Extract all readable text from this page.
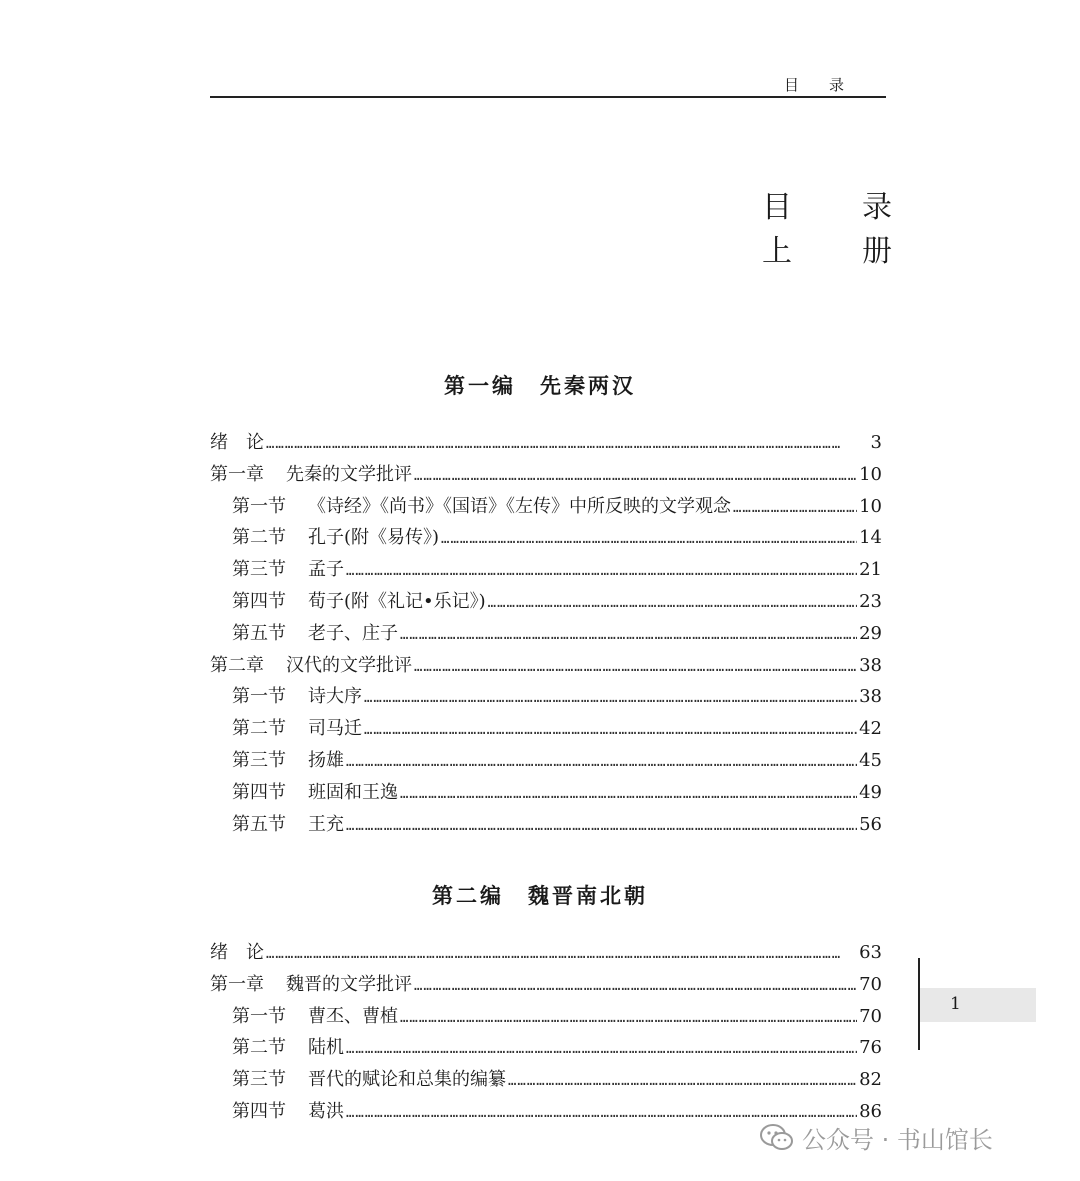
目录
目 录
上 册
第一编　先秦两汉
绪　论 …………………………………………………………………………………………………………………………………………………………………	3
第一章 先秦的文学批评 …………………………………………………………………………………………………………………………………………………………………	10
第一节 《诗经》《尚书》《国语》《左传》中所反映的文学观念 …………………………………………………………………………………………………………………………………………………………………	10
第二节 孔子(附《易传》) …………………………………………………………………………………………………………………………………………………………………	14
第三节 孟子 …………………………………………………………………………………………………………………………………………………………………	21
第四节 荀子(附《礼记•乐记》) …………………………………………………………………………………………………………………………………………………………………	23
第五节 老子、庄子 …………………………………………………………………………………………………………………………………………………………………	29
第二章 汉代的文学批评 …………………………………………………………………………………………………………………………………………………………………	38
第一节 诗大序 …………………………………………………………………………………………………………………………………………………………………	38
第二节 司马迁 …………………………………………………………………………………………………………………………………………………………………	42
第三节 扬雄 …………………………………………………………………………………………………………………………………………………………………	45
第四节 班固和王逸 …………………………………………………………………………………………………………………………………………………………………	49
第五节 王充 …………………………………………………………………………………………………………………………………………………………………	56
第二编　魏晋南北朝
绪　论 …………………………………………………………………………………………………………………………………………………………………	63
第一章 魏晋的文学批评 …………………………………………………………………………………………………………………………………………………………………	70
第一节 曹丕、曹植 …………………………………………………………………………………………………………………………………………………………………	70
第二节 陆机 …………………………………………………………………………………………………………………………………………………………………	76
第三节 晋代的赋论和总集的编纂 …………………………………………………………………………………………………………………………………………………………………	82
第四节 葛洪 …………………………………………………………………………………………………………………………………………………………………	86
1
公众号 · 书山馆长
